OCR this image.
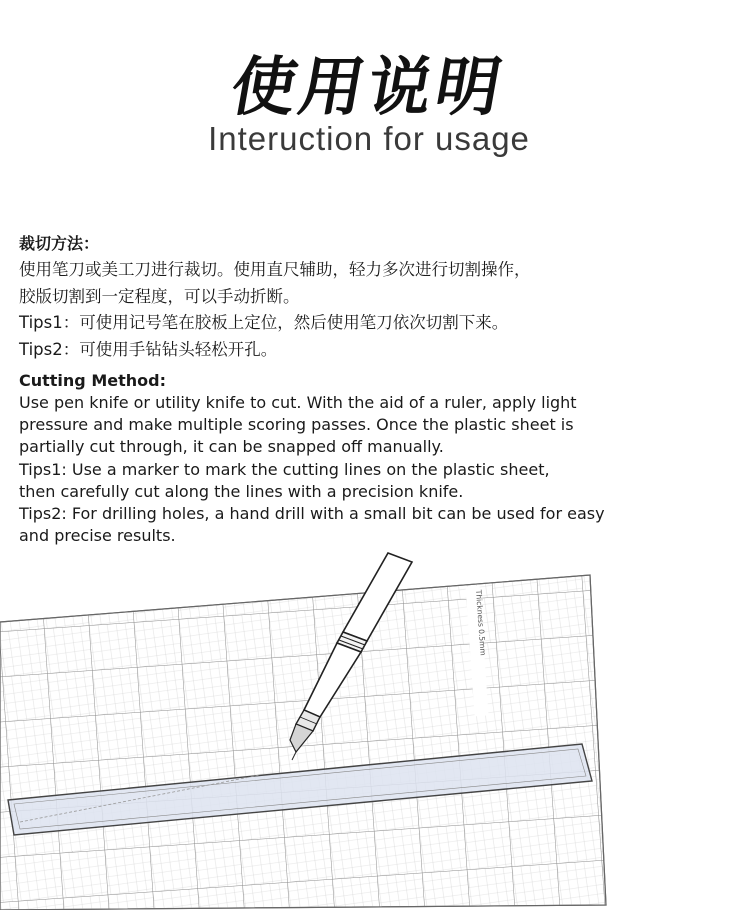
使用说明
Interuction for usage
裁切方法：
使用笔刀或美工刀进行裁切。使用直尺辅助，轻力多次进行切割操作，
胶版切割到一定程度，可以手动折断。
Tips1：可使用记号笔在胶板上定位，然后使用笔刀依次切割下来。
Tips2：可使用手钻钻头轻松开孔。
Cutting Method:
Use pen knife or utility knife to cut. With the aid of a ruler, apply light
pressure and make multiple scoring passes. Once the plastic sheet is
partially cut through, it can be snapped off manually.
Tips1: Use a marker to mark the cutting lines on the plastic sheet,
then carefully cut along the lines with a precision knife.
Tips2: For drilling holes, a hand drill with a small bit can be used for easy
and precise results.
Thickness 0.5mm
